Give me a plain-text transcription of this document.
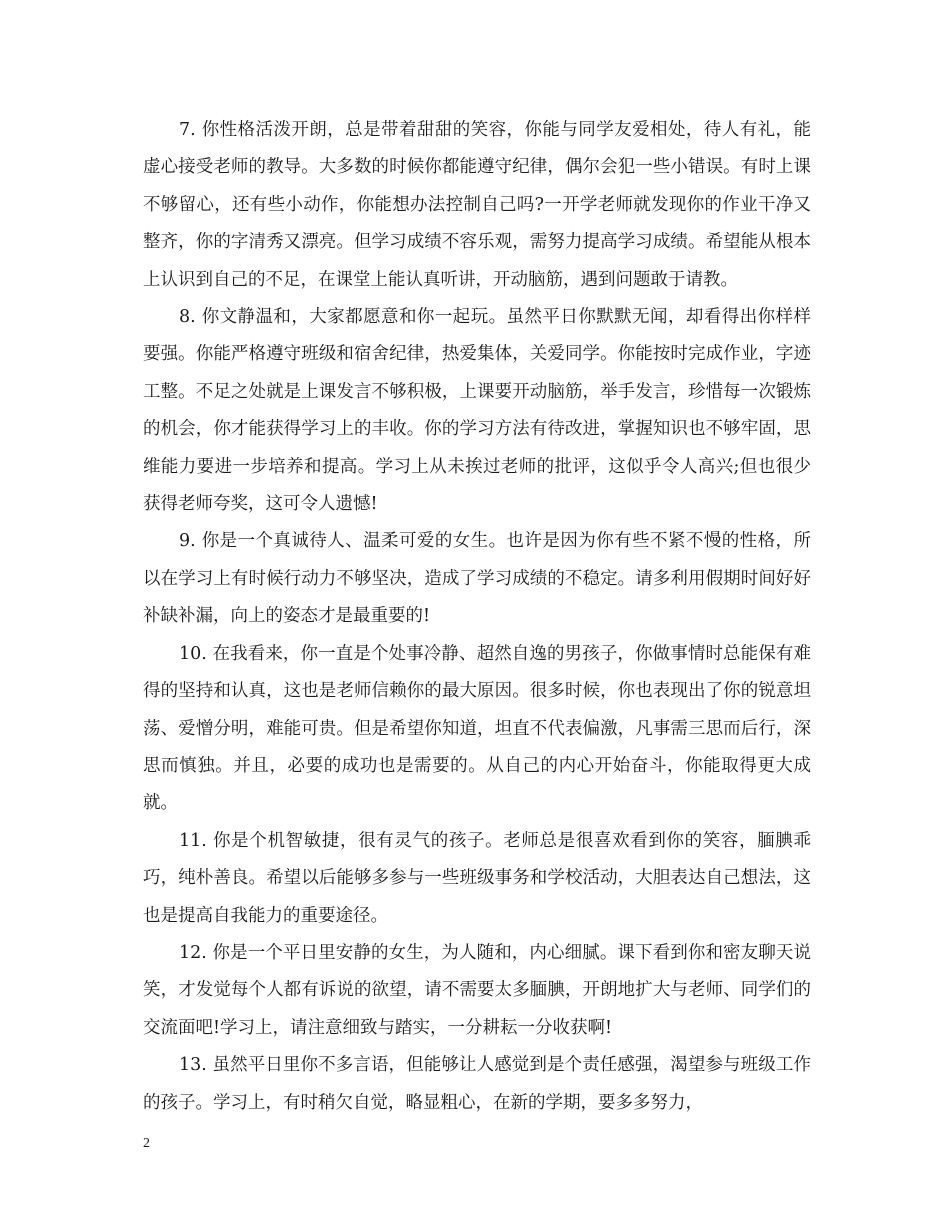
7. 你性格活泼开朗，总是带着甜甜的笑容，你能与同学友爱相处，待人有礼，能虚心接受老师的教导。大多数的时候你都能遵守纪律，偶尔会犯一些小错误。有时上课不够留心，还有些小动作，你能想办法控制自己吗?一开学老师就发现你的作业干净又整齐，你的字清秀又漂亮。但学习成绩不容乐观，需努力提高学习成绩。希望能从根本上认识到自己的不足，在课堂上能认真听讲，开动脑筋，遇到问题敢于请教。

8. 你文静温和，大家都愿意和你一起玩。虽然平日你默默无闻，却看得出你样样要强。你能严格遵守班级和宿舍纪律，热爱集体，关爱同学。你能按时完成作业，字迹工整。不足之处就是上课发言不够积极，上课要开动脑筋，举手发言，珍惜每一次锻炼的机会，你才能获得学习上的丰收。你的学习方法有待改进，掌握知识也不够牢固，思维能力要进一步培养和提高。学习上从未挨过老师的批评，这似乎令人高兴;但也很少获得老师夸奖，这可令人遗憾!

9. 你是一个真诚待人、温柔可爱的女生。也许是因为你有些不紧不慢的性格，所以在学习上有时候行动力不够坚决，造成了学习成绩的不稳定。请多利用假期时间好好补缺补漏，向上的姿态才是最重要的!

10. 在我看来，你一直是个处事冷静、超然自逸的男孩子，你做事情时总能保有难得的坚持和认真，这也是老师信赖你的最大原因。很多时候，你也表现出了你的锐意坦荡、爱憎分明，难能可贵。但是希望你知道，坦直不代表偏激，凡事需三思而后行，深思而慎独。并且，必要的成功也是需要的。从自己的内心开始奋斗，你能取得更大成就。

11. 你是个机智敏捷，很有灵气的孩子。老师总是很喜欢看到你的笑容，腼腆乖巧，纯朴善良。希望以后能够多参与一些班级事务和学校活动，大胆表达自己想法，这也是提高自我能力的重要途径。

12. 你是一个平日里安静的女生，为人随和，内心细腻。课下看到你和密友聊天说笑，才发觉每个人都有诉说的欲望，请不需要太多腼腆，开朗地扩大与老师、同学们的交流面吧!学习上，请注意细致与踏实，一分耕耘一分收获啊!

13. 虽然平日里你不多言语，但能够让人感觉到是个责任感强，渴望参与班级工作的孩子。学习上，有时稍欠自觉，略显粗心，在新的学期，要多多努力，

2
